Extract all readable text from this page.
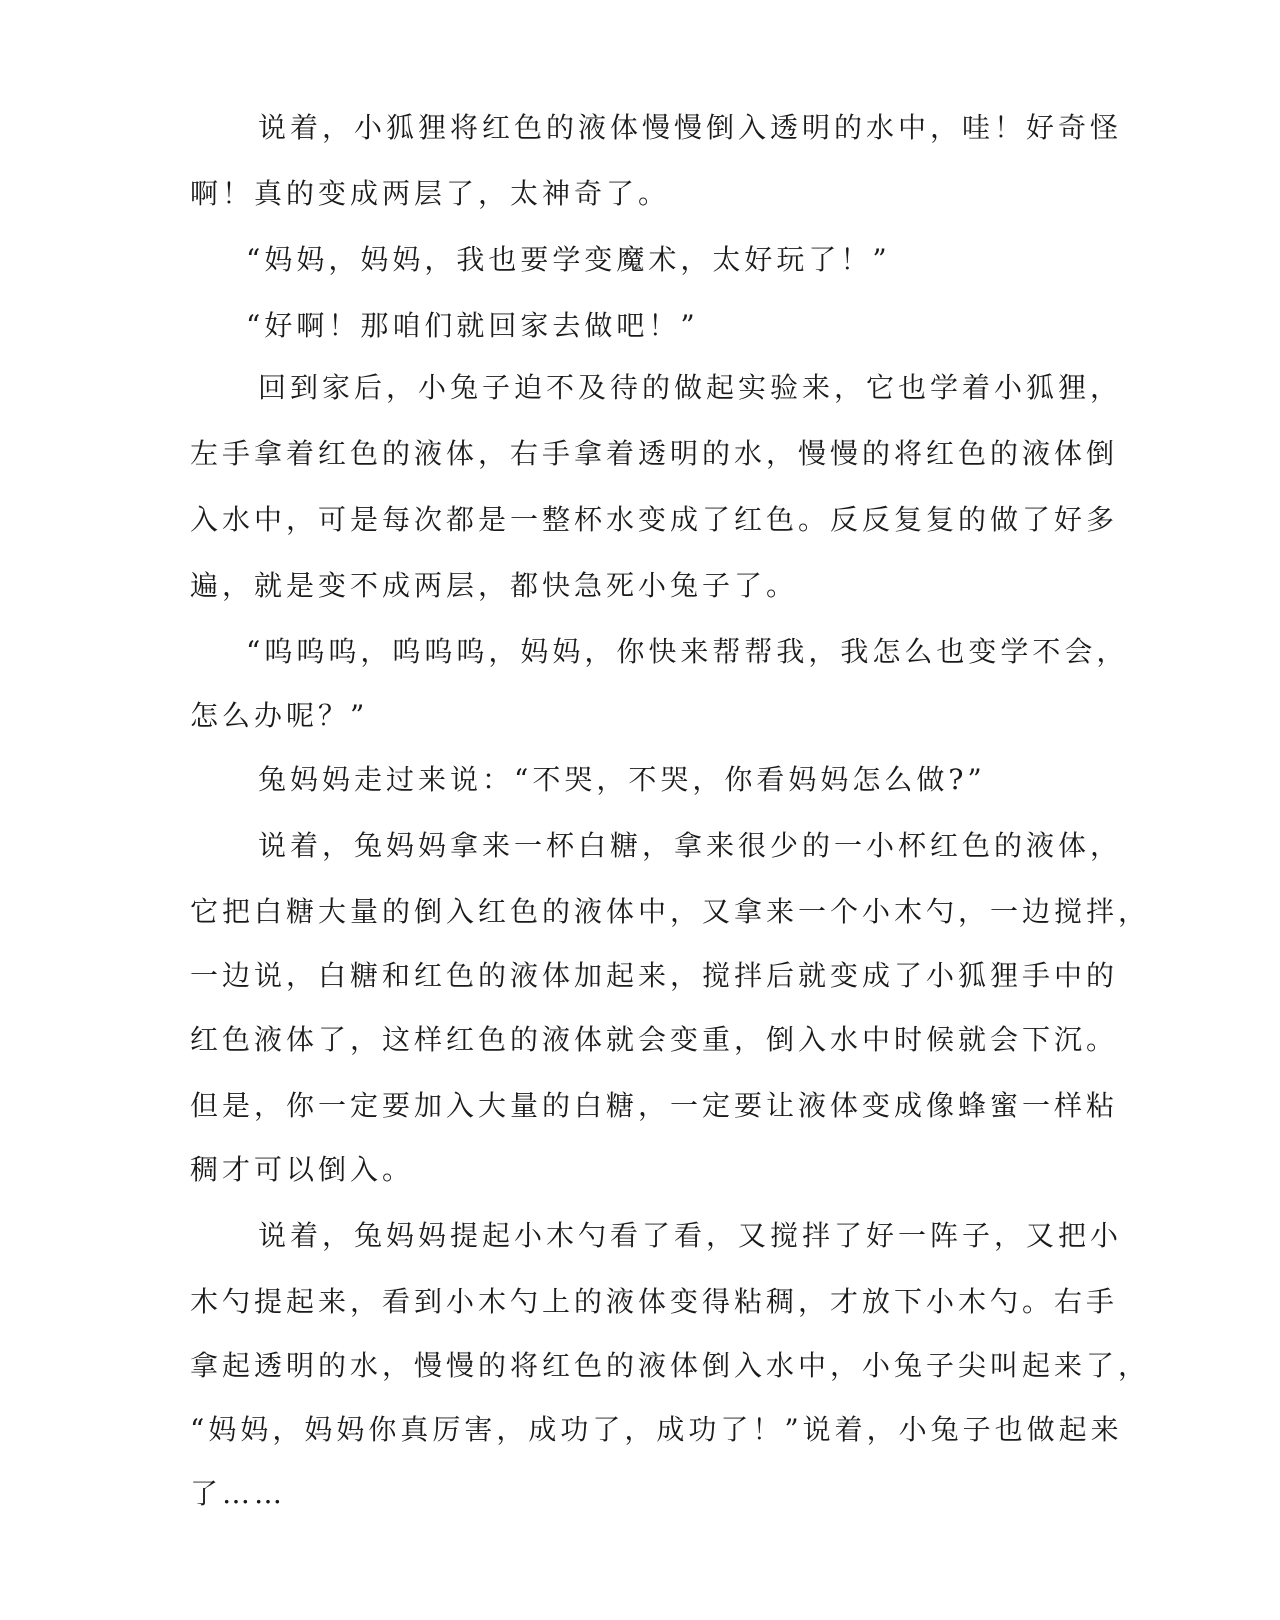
说着，小狐狸将红色的液体慢慢倒入透明的水中，哇！好奇怪

啊！真的变成两层了，太神奇了。

“妈妈，妈妈，我也要学变魔术，太好玩了！”

“好啊！那咱们就回家去做吧！”

回到家后，小兔子迫不及待的做起实验来，它也学着小狐狸，

左手拿着红色的液体，右手拿着透明的水，慢慢的将红色的液体倒

入水中，可是每次都是一整杯水变成了红色。反反复复的做了好多

遍，就是变不成两层，都快急死小兔子了。

“呜呜呜，呜呜呜，妈妈，你快来帮帮我，我怎么也变学不会，

怎么办呢？”

兔妈妈走过来说：“不哭，不哭，你看妈妈怎么做?”

说着，兔妈妈拿来一杯白糖，拿来很少的一小杯红色的液体，

它把白糖大量的倒入红色的液体中，又拿来一个小木勺，一边搅拌，

一边说，白糖和红色的液体加起来，搅拌后就变成了小狐狸手中的

红色液体了，这样红色的液体就会变重，倒入水中时候就会下沉。

但是，你一定要加入大量的白糖，一定要让液体变成像蜂蜜一样粘

稠才可以倒入。

说着，兔妈妈提起小木勺看了看，又搅拌了好一阵子，又把小

木勺提起来，看到小木勺上的液体变得粘稠，才放下小木勺。右手

拿起透明的水，慢慢的将红色的液体倒入水中，小兔子尖叫起来了，

“妈妈，妈妈你真厉害，成功了，成功了！”说着，小兔子也做起来

了……
